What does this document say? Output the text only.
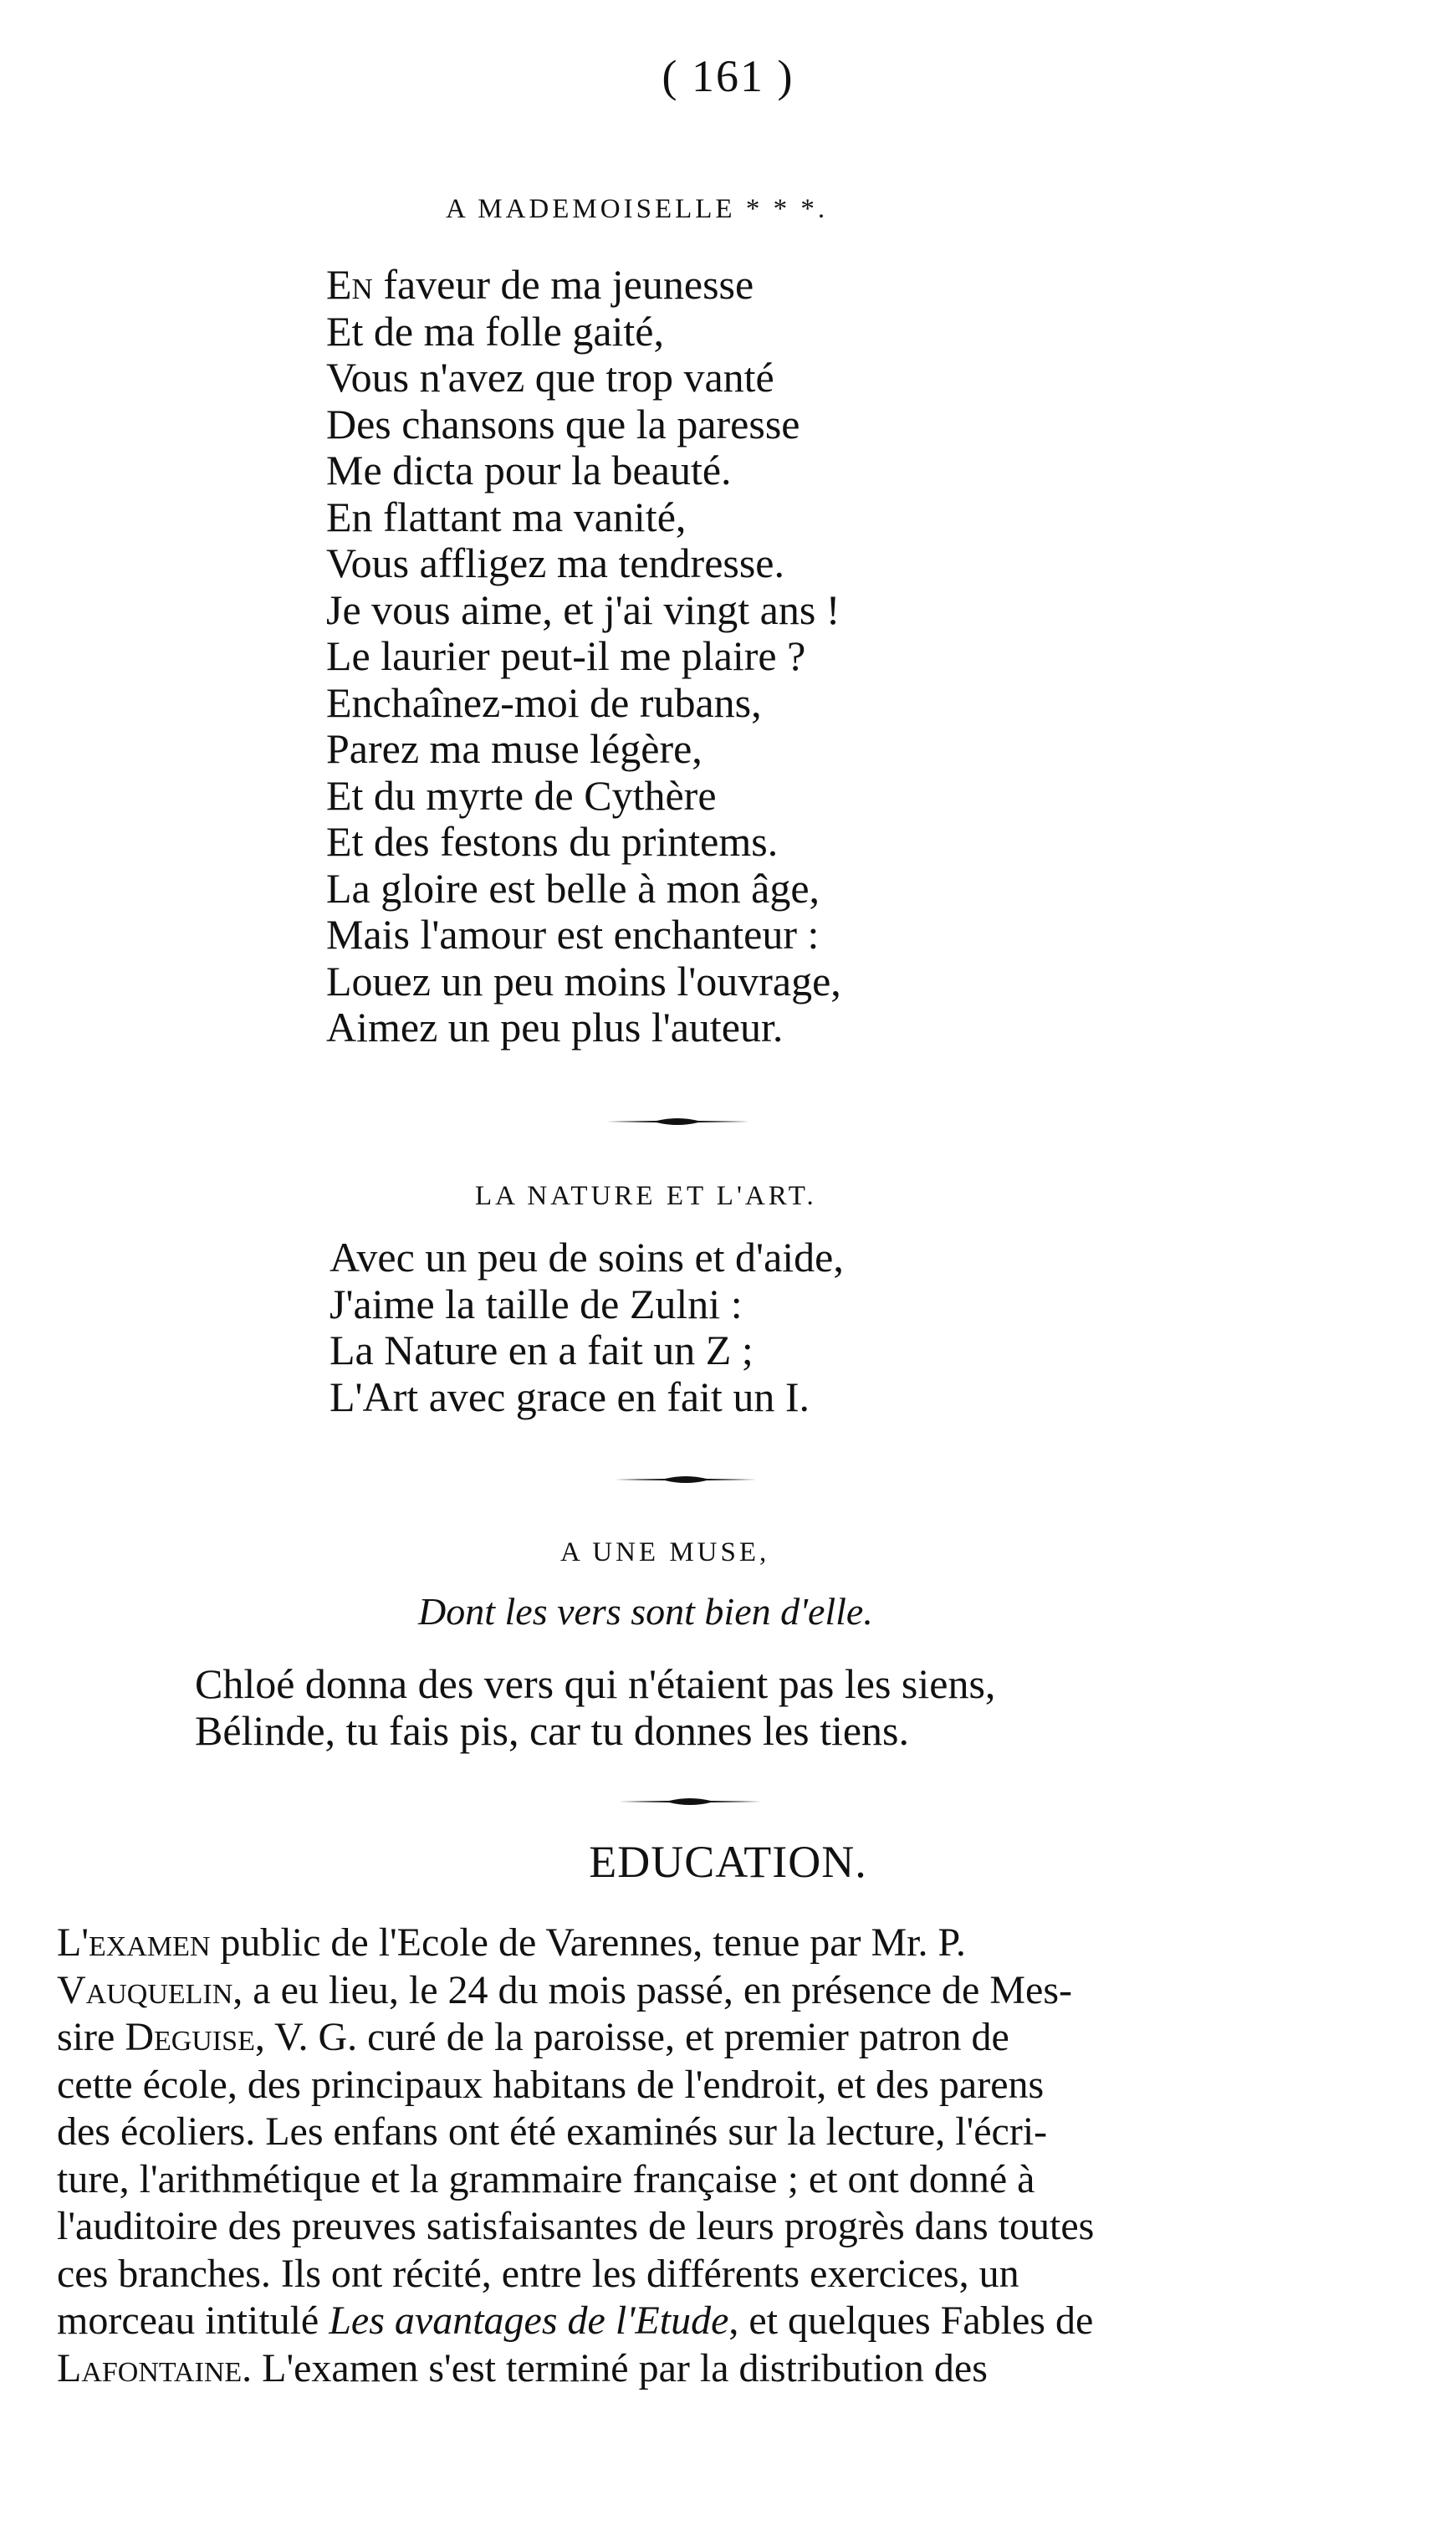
( 161 )
A MADEMOISELLE * * *.
En faveur de ma jeunesse
Et de ma folle gaité,
Vous n'avez que trop vanté
Des chansons que la paresse
Me dicta pour la beauté.
En flattant ma vanité,
Vous affligez ma tendresse.
Je vous aime, et j'ai vingt ans !
Le laurier peut-il me plaire ?
Enchaînez-moi de rubans,
Parez ma muse légère,
Et du myrte de Cythère
Et des festons du printems.
La gloire est belle à mon âge,
Mais l'amour est enchanteur :
Louez un peu moins l'ouvrage,
Aimez un peu plus l'auteur.
LA NATURE ET L'ART.
Avec un peu de soins et d'aide,
J'aime la taille de Zulni :
La Nature en a fait un Z ;
L'Art avec grace en fait un I.
A UNE MUSE,
Dont les vers sont bien d'elle.
Chloé donna des vers qui n'étaient pas les siens,
Bélinde, tu fais pis, car tu donnes les tiens.
EDUCATION.
L'examen public de l'Ecole de Varennes, tenue par Mr. P.
Vauquelin, a eu lieu, le 24 du mois passé, en présence de Mes-
sire Deguise, V. G. curé de la paroisse, et premier patron de
cette école, des principaux habitans de l'endroit, et des parens
des écoliers. Les enfans ont été examinés sur la lecture, l'écri-
ture, l'arithmétique et la grammaire française ; et ont donné à
l'auditoire des preuves satisfaisantes de leurs progrès dans toutes
ces branches. Ils ont récité, entre les différents exercices, un
morceau intitulé Les avantages de l'Etude, et quelques Fables de
Lafontaine. L'examen s'est terminé par la distribution des
